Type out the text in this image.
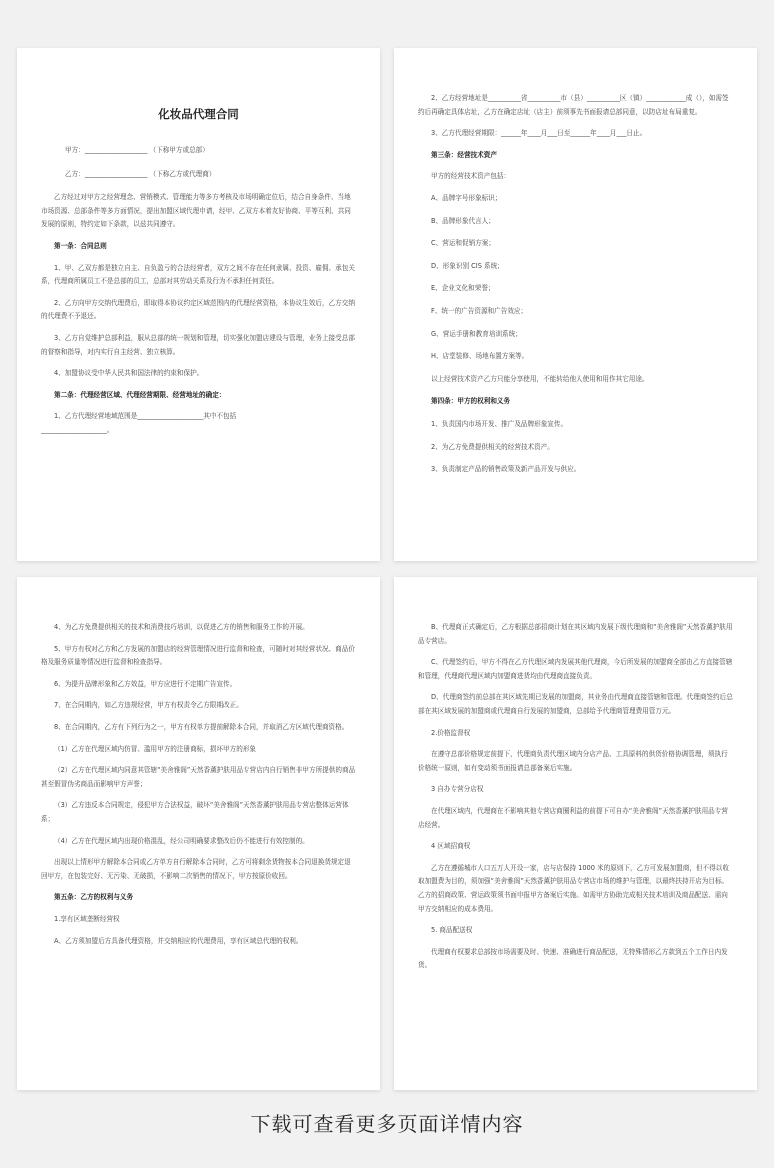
化妆品代理合同

甲方：___________________ （下称甲方或总部）

乙方：___________________ （下称乙方或代理商）

乙方经过对甲方之经营理念、营销模式、管理能力等多方考核及市场明确定位后，结合自身条件、当地市场资源、总部条件等多方面情况，提出加盟区域代理申请，经甲、乙双方本着友好协商、平等互利、共同发展的原则，特约定如下条款，以兹共同遵守。

第一条：合同总则

1、甲、乙双方都是独立自主、自负盈亏的合法经营者，双方之间不存在任何隶属、投资、雇佣、承包关系，代理商所属员工不是总部的员工，总部对其劳动关系及行为不承担任何责任。

2、乙方向甲方交纳代理费后，即取得本协议约定区域范围内的代理经营资格，本协议生效后，乙方交纳的代理费不予退还。

3、乙方自觉维护总部利益，服从总部的统一规划和管理，切实强化加盟店建设与管理，业务上接受总部的督察和指导，对内实行自主经营、独立核算。

4、加盟协议受中华人民共和国法律的约束和保护。

第二条：代理经营区域、代理经营期限、经营地址的确定：

1、乙方代理经营地域范围是____________________其中不包括

____________________。

2、乙方经营地址是__________省__________市（县）__________区（镇）____________成（），如需签约后再确定具体店址，乙方在确定店址（店主）前须事先书面报请总部同意，以防店址布局重复。

3、乙方代理经营期限：______年____月___日至______年____月___日止。

第三条：经营技术资产

甲方的经营技术资产包括：

A、品牌字号形象标识；

B、品牌形象代言人；

C、营运和促销方案；

D、形象识别 CIS 系统；

E、企业文化和荣誉；

F、统一的广告资源和广告效应；

G、营运手册和教育培训系统；

H、店堂装修、场地布置方案等。

以上经营技术资产乙方只能分享使用，不能转给他人使用和用作其它用途。

第四条：甲方的权利和义务

1、负责国内市场开发、推广及品牌形象宣传。

2、为乙方免费提供相关的经营技术资产。

3、负责制定产品的销售政策及新产品开发与供应。

4、为乙方免费提供相关的技术和消费技巧培训，以促进乙方的销售和服务工作的开展。

5、甲方有权对乙方和乙方发展的加盟店的经营管理情况进行监督和检查，可随时对其经营状况、商品价格及服务质量等情况进行监督和检查指导。

6、为提升品牌形象和乙方效益，甲方应进行不定期广告宣传。

7、在合同期内，如乙方违规经营，甲方有权责令乙方限期改正。

8、在合同期内，乙方有下列行为之一，甲方有权单方提前解除本合同，并取消乙方区域代理商资格。

（1）乙方在代理区域内仿冒、滥用甲方的注册商标，损坏甲方的形象

（2）乙方在代理区域内同意其管辖“美舍雅阁”天然香薰护肤用品专营店内自行销售非甲方所提供的商品甚至假冒伪劣商品而影响甲方声誉；

（3）乙方违反本合同规定，侵犯甲方合法权益，破坏“美舍雅阁”天然香薰护肤用品专营店整体运营体系；

（4）乙方在代理区域内出现价格混乱，经公司明确要求整改后仍不能进行有效控制的。

出现以上情形甲方解除本合同或乙方单方自行解除本合同时，乙方可将剩余货物按本合同退换货规定退回甲方，在包装完好、无污染、无破损，不影响二次销售的情况下，甲方按原价收回。

第五条：乙方的权利与义务

1.享有区域垄断经营权

A、乙方须加盟后方具备代理资格，并交纳相应的代理费用，享有区域总代理的权利。

B、代理商正式确定后，乙方根据总部招商计划在其区域内发展下级代理商和“美舍雅阁”天然香薰护肤用品专营店。

C、代理签约后，甲方不得在乙方代理区域内发展其他代理商，今后所发展的加盟商全部由乙方直接管辖和管理，代理商代理区域内加盟商进货均由代理商直接负责。

D、代理商签约前总部在其区域先期已发展的加盟商，其业务由代理商直接管辖和管理。代理商签约后总部在其区域发展的加盟商或代理商自行发展的加盟商，总部给予代理商管理费用管万元。

2.价格监督权

在遵守总部价格规定前提下，代理商负责代理区域内分店产品、工具原料的供货价格协调管理，须执行价格统一原则，如有变动须书面报请总部备案后实施。

3 自办专营分店权

在代理区域内，代理商在不影响其他专营店商圈利益的前提下可自办“美舍雅阁”天然香薰护肤用品专营店经营。

4 区域招商权

乙方在遵循城市人口五万人开设一家，店与店保持 1000 米的原则下，乙方可发展加盟商，但不得以收取加盟费为目的，须加强“美舍雅阁”天然香薰护肤用品专营店市场的维护与管理，以最终扶持开店为目标。乙方的招商政策、营运政策须书面申报甲方备案后实施。如需甲方协助完成相关技术培训及商品配送、需向甲方交纳相应的成本费用。

5. 商品配送权

代理商有权要求总部按市场需要及时、快速、准确进行商品配送，无特殊情形乙方款到五个工作日内发货。

下载可查看更多页面详情内容
